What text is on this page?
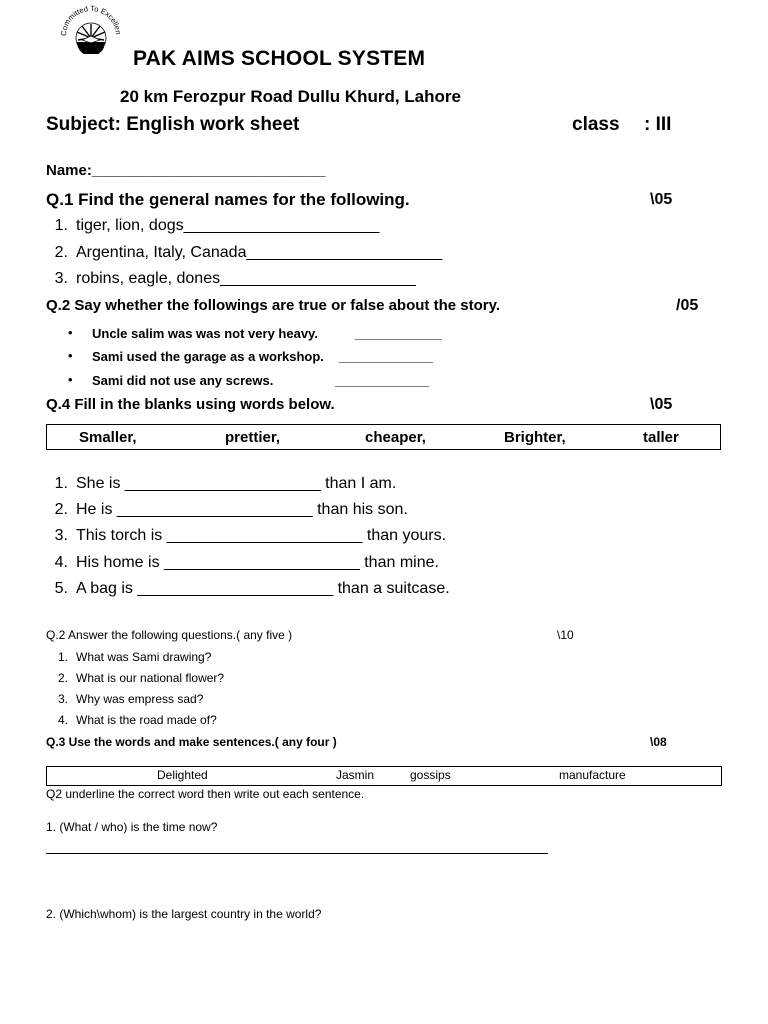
Committed To Excellen
PAK AIMS SCHOOL SYSTEM
20 km Ferozpur Road Dullu Khurd, Lahore
Subject: English work sheet	class : III
Name:____________________________
Q.1 Find the general names for the following.	\05
1. tiger, lion, dogs______________________
2. Argentina, Italy, Canada______________________
3. robins, eagle, dones______________________
Q.2 Say whether the followings are true or false about the story.	/05
• Uncle salim was was not very heavy.	____________
• Sami used the garage as a workshop. _____________
• Sami did not use any screws.	_____________
Q.4 Fill in the blanks using words below.	\05
Smaller,	prettier,	cheaper,	Brighter,	taller
1. She is ______________________ than I am.
2. He is ______________________ than his son.
3. This torch is ______________________ than yours.
4. His home is ______________________ than mine.
5. A bag is ______________________ than a suitcase.
Q.2 Answer the following questions.( any five )	\10
1. What was Sami drawing?
2. What is our national flower?
3. Why was empress sad?
4. What is the road made of?
Q.3 Use the words and make sentences.( any four )	\08
Delighted	Jasmin	gossips	manufacture
Q2 underline the correct word then write out each sentence.
1. (What / who) is the time now?
2. (Which\whom) is the largest country in the world?
